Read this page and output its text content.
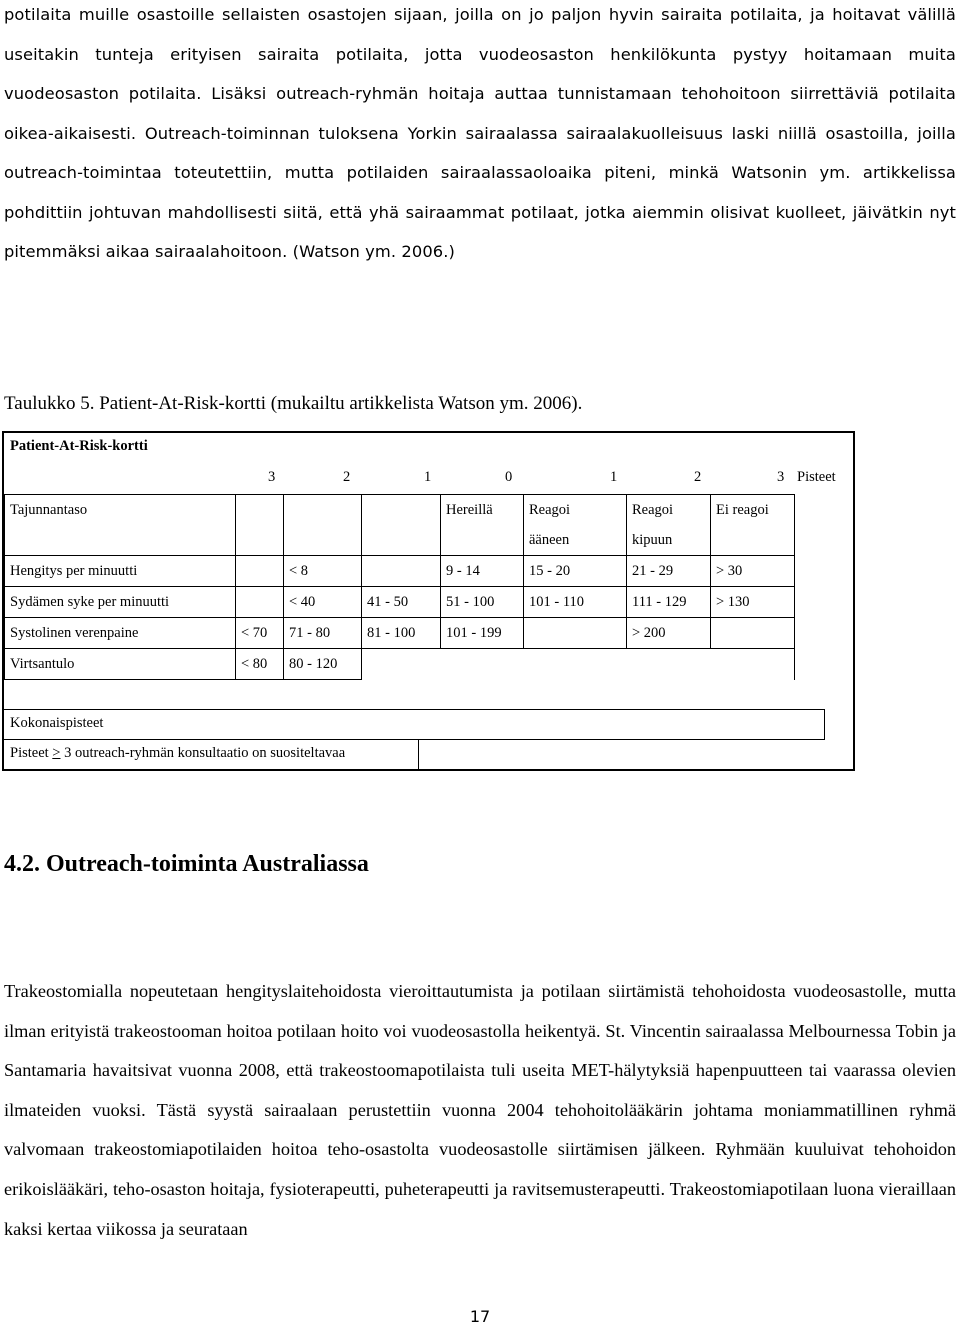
potilaita muille osastoille sellaisten osastojen sijaan, joilla on jo paljon hyvin sairaita potilaita, ja hoitavat välillä useitakin tunteja erityisen sairaita potilaita, jotta vuodeosaston henkilökunta pystyy hoitamaan muita vuodeosaston potilaita. Lisäksi outreach-ryhmän hoitaja auttaa tunnistamaan tehohoitoon siirrettäviä potilaita oikea-aikaisesti. Outreach-toiminnan tuloksena Yorkin sairaalassa sairaalakuolleisuus laski niillä osastoilla, joilla outreach-toimintaa toteutettiin, mutta potilaiden sairaalassaoloaika piteni, minkä Watsonin ym. artikkelissa pohdittiin johtuvan mahdollisesti siitä, että yhä sairaammat potilaat, jotka aiemmin olisivat kuolleet, jäivätkin nyt pitemmäksi aikaa sairaalahoitoon. (Watson ym. 2006.)

Taulukko 5. Patient-At-Risk-kortti (mukailtu artikkelista Watson ym. 2006).

Patient-At-Risk-kortti
3	2	1	0	1	2	3 Pisteet
Tajunnantaso				Hereillä	Reagoi ääneen	Reagoi kipuun	Ei reagoi
Hengitys per minuutti		< 8		9 - 14	15 - 20	21 - 29	> 30
Sydämen syke per minuutti		< 40	41 - 50	51 - 100	101 - 110	111 - 129	> 130
Systolinen verenpaine	< 70	71 - 80	81 - 100	101 - 199		> 200	
Virtsantulo	< 80	80 - 120					
Kokonaispisteet
Pisteet ≥ 3 outreach-ryhmän konsultaatio on suositeltavaa
4.2. Outreach-toiminta Australiassa

Trakeostomialla nopeutetaan hengityslaitehoidosta vieroittautumista ja potilaan siirtämistä tehohoidosta vuodeosastolle, mutta ilman erityistä trakeostooman hoitoa potilaan hoito voi vuodeosastolla heikentyä. St. Vincentin sairaalassa Melbournessa Tobin ja Santamaria havaitsivat vuonna 2008, että trakeostoomapotilaista tuli useita MET-hälytyksiä hapenpuutteen tai vaarassa olevien ilmateiden vuoksi. Tästä syystä sairaalaan perustettiin vuonna 2004 tehohoitolääkärin johtama moniammatillinen ryhmä valvomaan trakeostomiapotilaiden hoitoa teho-osastolta vuodeosastolle siirtämisen jälkeen. Ryhmään kuuluivat tehohoidon erikoislääkäri, teho-osaston hoitaja, fysioterapeutti, puheterapeutti ja ravitsemusterapeutti. Trakeostomiapotilaan luona vieraillaan kaksi kertaa viikossa ja seurataan

17
